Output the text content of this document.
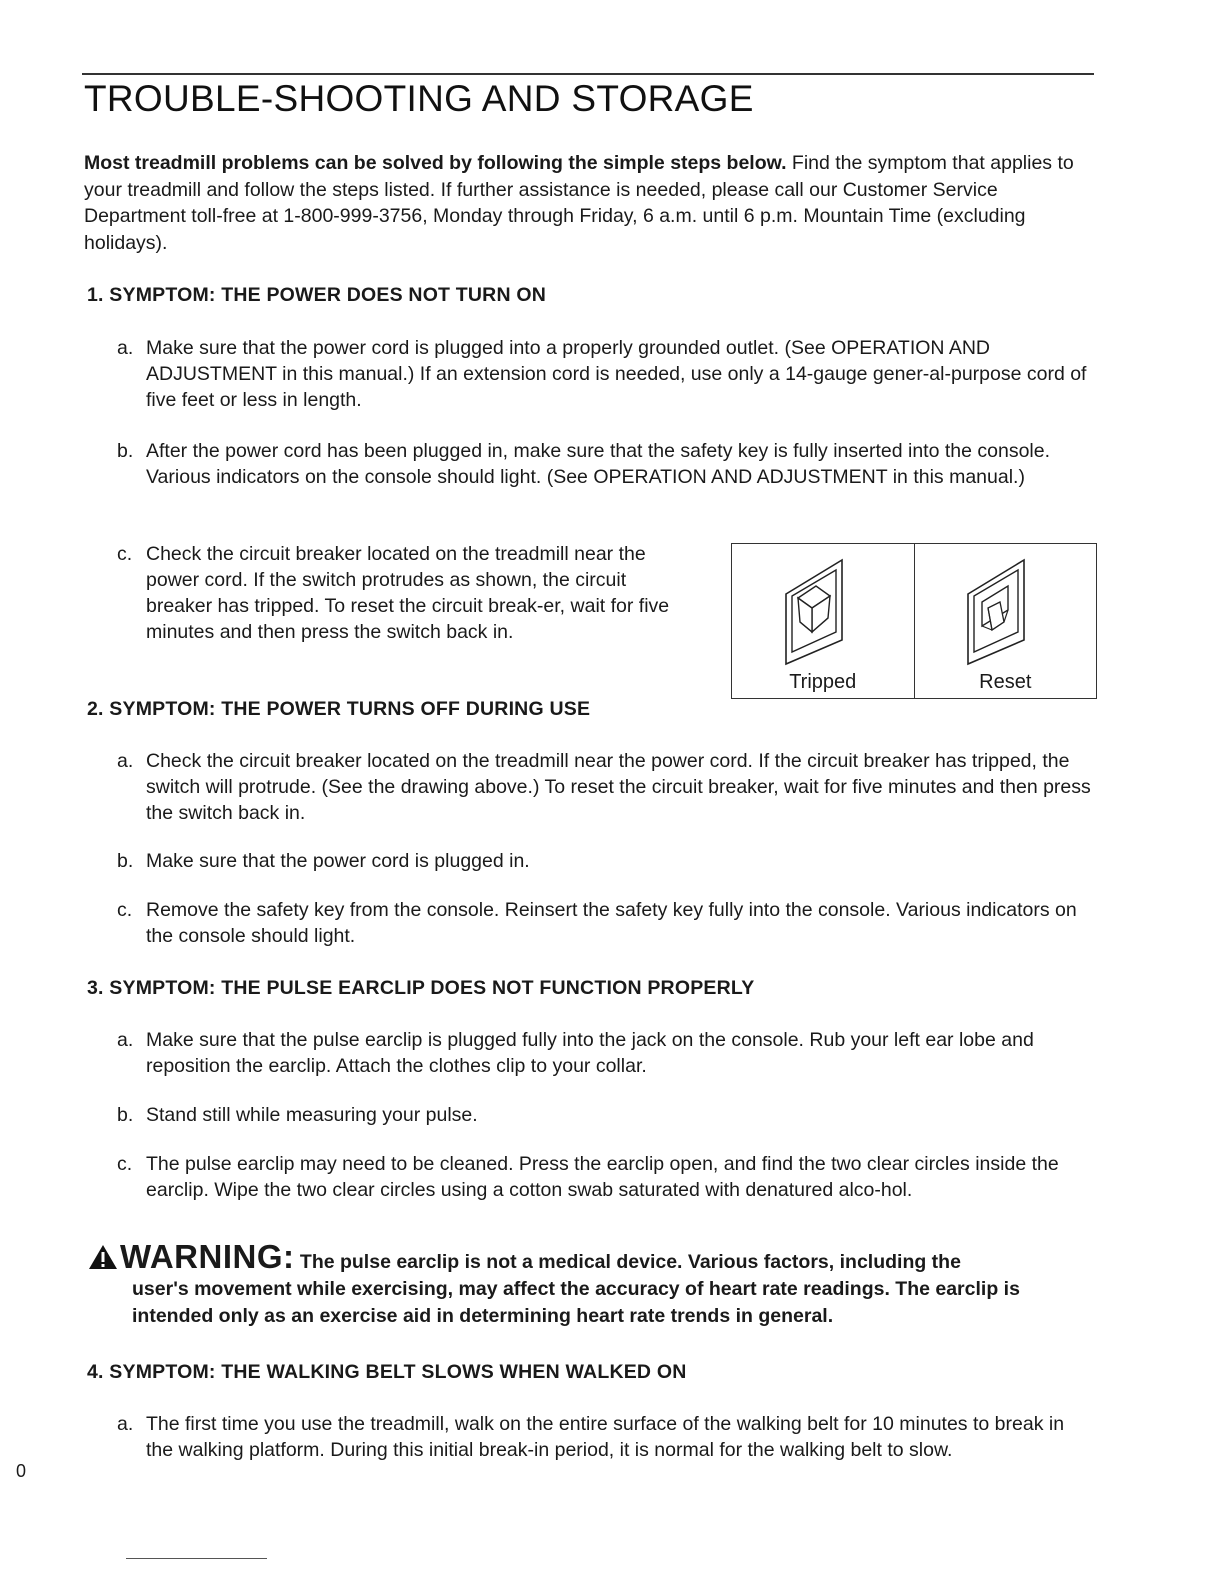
TROUBLE-SHOOTING AND STORAGE
Most treadmill problems can be solved by following the simple steps below. Find the symptom that applies to your treadmill and follow the steps listed. If further assistance is needed, please call our Customer Service Department toll-free at 1-800-999-3756, Monday through Friday, 6 a.m. until 6 p.m. Mountain Time (excluding holidays).
1. SYMPTOM: THE POWER DOES NOT TURN ON
a. Make sure that the power cord is plugged into a properly grounded outlet. (See OPERATION AND ADJUSTMENT in this manual.) If an extension cord is needed, use only a 14-gauge gener-al-purpose cord of five feet or less in length.
b. After the power cord has been plugged in, make sure that the safety key is fully inserted into the console. Various indicators on the console should light. (See OPERATION AND ADJUSTMENT in this manual.)
c. Check the circuit breaker located on the treadmill near the power cord. If the switch protrudes as shown, the circuit breaker has tripped. To reset the circuit break-er, wait for five minutes and then press the switch back in.
Tripped	Reset
2. SYMPTOM: THE POWER TURNS OFF DURING USE
a. Check the circuit breaker located on the treadmill near the power cord. If the circuit breaker has tripped, the switch will protrude. (See the drawing above.) To reset the circuit breaker, wait for five minutes and then press the switch back in.
b. Make sure that the power cord is plugged in.
c. Remove the safety key from the console. Reinsert the safety key fully into the console. Various indicators on the console should light.
3. SYMPTOM: THE PULSE EARCLIP DOES NOT FUNCTION PROPERLY
a. Make sure that the pulse earclip is plugged fully into the jack on the console. Rub your left ear lobe and reposition the earclip. Attach the clothes clip to your collar.
b. Stand still while measuring your pulse.
c. The pulse earclip may need to be cleaned. Press the earclip open, and find the two clear circles inside the earclip. Wipe the two clear circles using a cotton swab saturated with denatured alco-hol.
WARNING: The pulse earclip is not a medical device. Various factors, including the
user's movement while exercising, may affect the accuracy of heart rate readings. The earclip is intended only as an exercise aid in determining heart rate trends in general.
4. SYMPTOM: THE WALKING BELT SLOWS WHEN WALKED ON
a. The first time you use the treadmill, walk on the entire surface of the walking belt for 10 minutes to break in the walking platform. During this initial break-in period, it is normal for the walking belt to slow.
0
